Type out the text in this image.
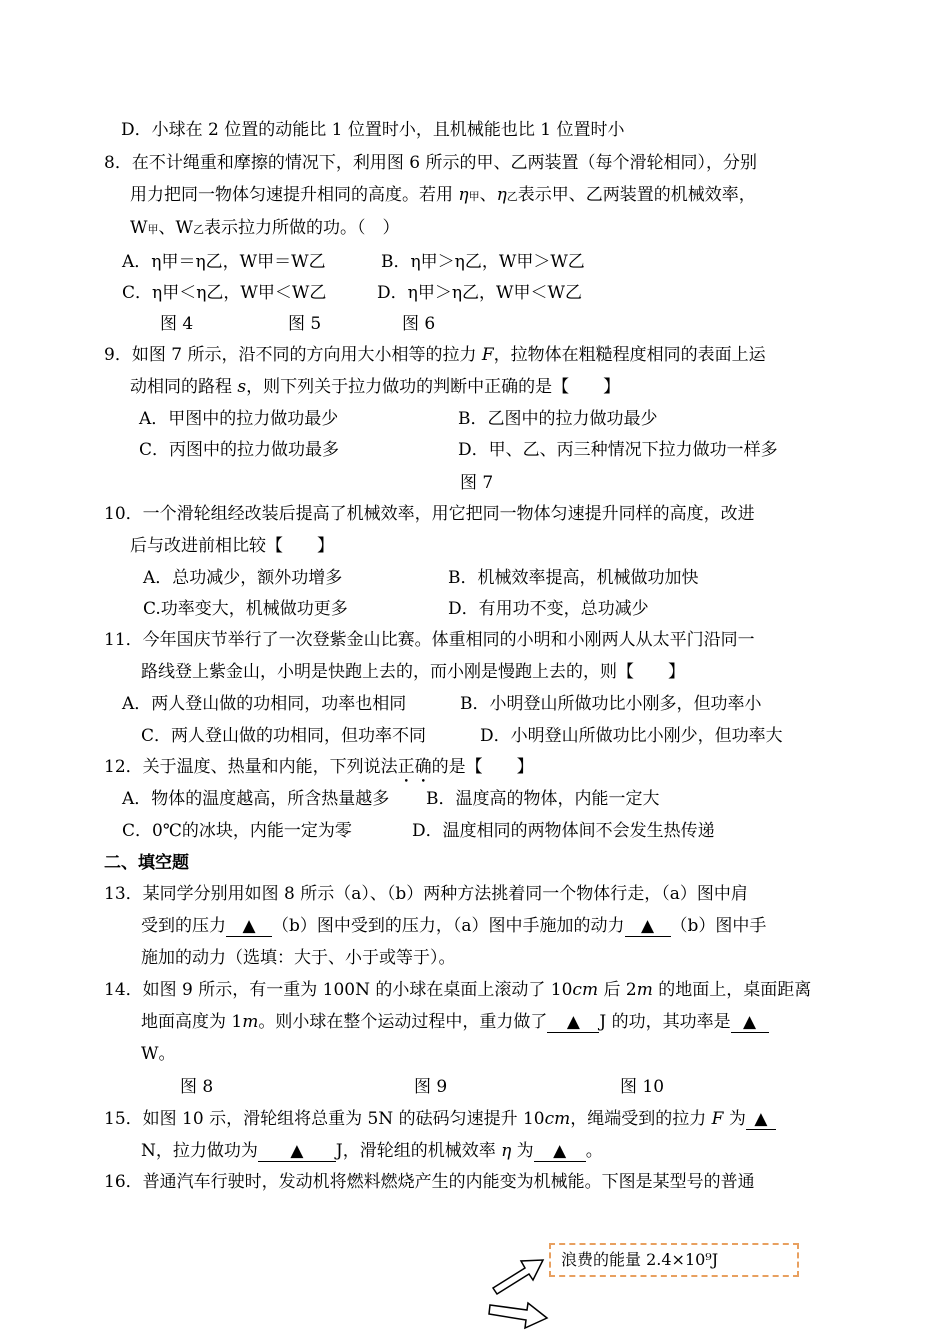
D．小球在 2 位置的动能比 1 位置时小，且机械能也比 1 位置时小
8．在不计绳重和摩擦的情况下，利用图 6 所示的甲、乙两装置（每个滑轮相同），分别
用力把同一物体匀速提升相同的高度。若用 η甲、η乙表示甲、乙两装置的机械效率，
W甲、W乙表示拉力所做的功。（　）
A．η甲＝η乙，W甲＝W乙	B．η甲＞η乙，W甲＞W乙
C．η甲＜η乙，W甲＜W乙	D．η甲＞η乙，W甲＜W乙
图 4	图 5	图 6
9．如图 7 所示，沿不同的方向用大小相等的拉力 F，拉物体在粗糙程度相同的表面上运
动相同的路程 s，则下列关于拉力做功的判断中正确的是【　　】
A．甲图中的拉力做功最少	B．乙图中的拉力做功最少
C．丙图中的拉力做功最多	D．甲、乙、丙三种情况下拉力做功一样多
图 7
10．一个滑轮组经改装后提高了机械效率，用它把同一物体匀速提升同样的高度，改进
后与改进前相比较【　　】
A．总功减少，额外功增多	B．机械效率提高，机械做功加快
C.功率变大，机械做功更多	D．有用功不变，总功减少
11．今年国庆节举行了一次登紫金山比赛。体重相同的小明和小刚两人从太平门沿同一
路线登上紫金山，小明是快跑上去的，而小刚是慢跑上去的，则【　　】
A．两人登山做的功相同，功率也相同	B．小明登山所做功比小刚多，但功率小
C．两人登山做的功相同，但功率不同	D．小明登山所做功比小刚少，但功率大
12．关于温度、热量和内能，下列说法正确的是【　　】
A．物体的温度越高，所含热量越多 B．温度高的物体，内能一定大
C．0℃的冰块，内能一定为零	D．温度相同的两物体间不会发生热传递
二、填空题
13．某同学分别用如图 8 所示（a）、（b）两种方法挑着同一个物体行走，（a）图中肩
受到的压力 ▲ （b）图中受到的压力，（a）图中手施加的动力 ▲ （b）图中手
施加的动力（选填：大于、小于或等于）。
14．如图 9 所示，有一重为 100N 的小球在桌面上滚动了 10cm 后 2m 的地面上，桌面距离
地面高度为 1m。则小球在整个运动过程中，重力做了 ▲ J 的功，其功率是 ▲
W。
图 8	图 9	图 10
15．如图 10 示，滑轮组将总重为 5N 的砝码匀速提升 10cm，绳端受到的拉力 F 为 ▲
N，拉力做功为 ▲ J，滑轮组的机械效率 η 为 ▲ 。
16．普通汽车行驶时，发动机将燃料燃烧产生的内能变为机械能。下图是某型号的普通
浪费的能量 2.4×10⁹J
